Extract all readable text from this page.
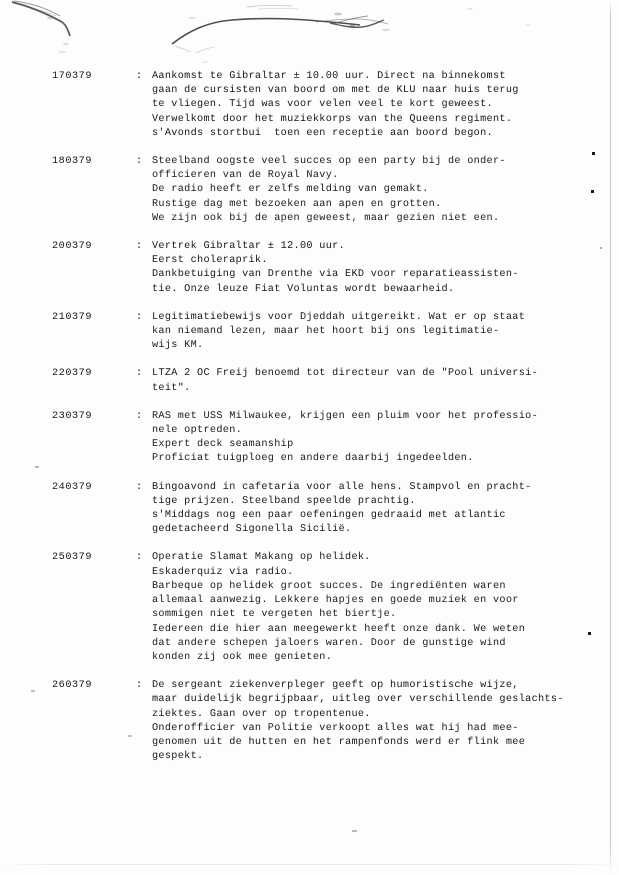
170379	: Aankomst te Gibraltar ± 10.00 uur. Direct na binnekomst
gaan de cursisten van boord om met de KLU naar huis terug
te vliegen. Tijd was voor velen veel te kort geweest.
Verwelkomt door het muziekkorps van the Queens regiment.
s'Avonds stortbui  toen een receptie aan boord begon.
180379	: Steelband oogste veel succes op een party bij de onder-
officieren van de Royal Navy.
De radio heeft er zelfs melding van gemakt.
Rustige dag met bezoeken aan apen en grotten.
We zijn ook bij de apen geweest, maar gezien niet een.
200379	: Vertrek Gibraltar ± 12.00 uur.
Eerst choleraprik.
Dankbetuiging van Drenthe via EKD voor reparatieassisten-
tie. Onze leuze Fiat Voluntas wordt bewaarheid.
210379	: Legitimatiebewijs voor Djeddah uitgereikt. Wat er op staat
kan niemand lezen, maar het hoort bij ons legitimatie-
wijs KM.
220379	: LTZA 2 OC Freij benoemd tot directeur van de "Pool universi-
teit".
230379	: RAS met USS Milwaukee, krijgen een pluim voor het professio-
nele optreden.
Expert deck seamanship
Proficiat tuigploeg en andere daarbij ingedeelden.
240379	: Bingoavond in cafetaria voor alle hens. Stampvol en pracht-
tige prijzen. Steelband speelde prachtig.
s'Middags nog een paar oefeningen gedraaid met atlantic
gedetacheerd Sigonella Sicilië.
250379	: Operatie Slamat Makang op helidek.
Eskaderquiz via radio.
Barbeque op helidek groot succes. De ingrediënten waren
allemaal aanwezig. Lekkere hapjes en goede muziek en voor
sommigen niet te vergeten het biertje.
Iedereen die hier aan meegewerkt heeft onze dank. We weten
dat andere schepen jaloers waren. Door de gunstige wind
konden zij ook mee genieten.
260379	: De sergeant ziekenverpleger geeft op humoristische wijze,
maar duidelijk begrijpbaar, uitleg over verschillende geslachts-
ziektes. Gaan over op tropentenue.
Onderofficier van Politie verkoopt alles wat hij had mee-
genomen uit de hutten en het rampenfonds werd er flink mee
gespekt.
